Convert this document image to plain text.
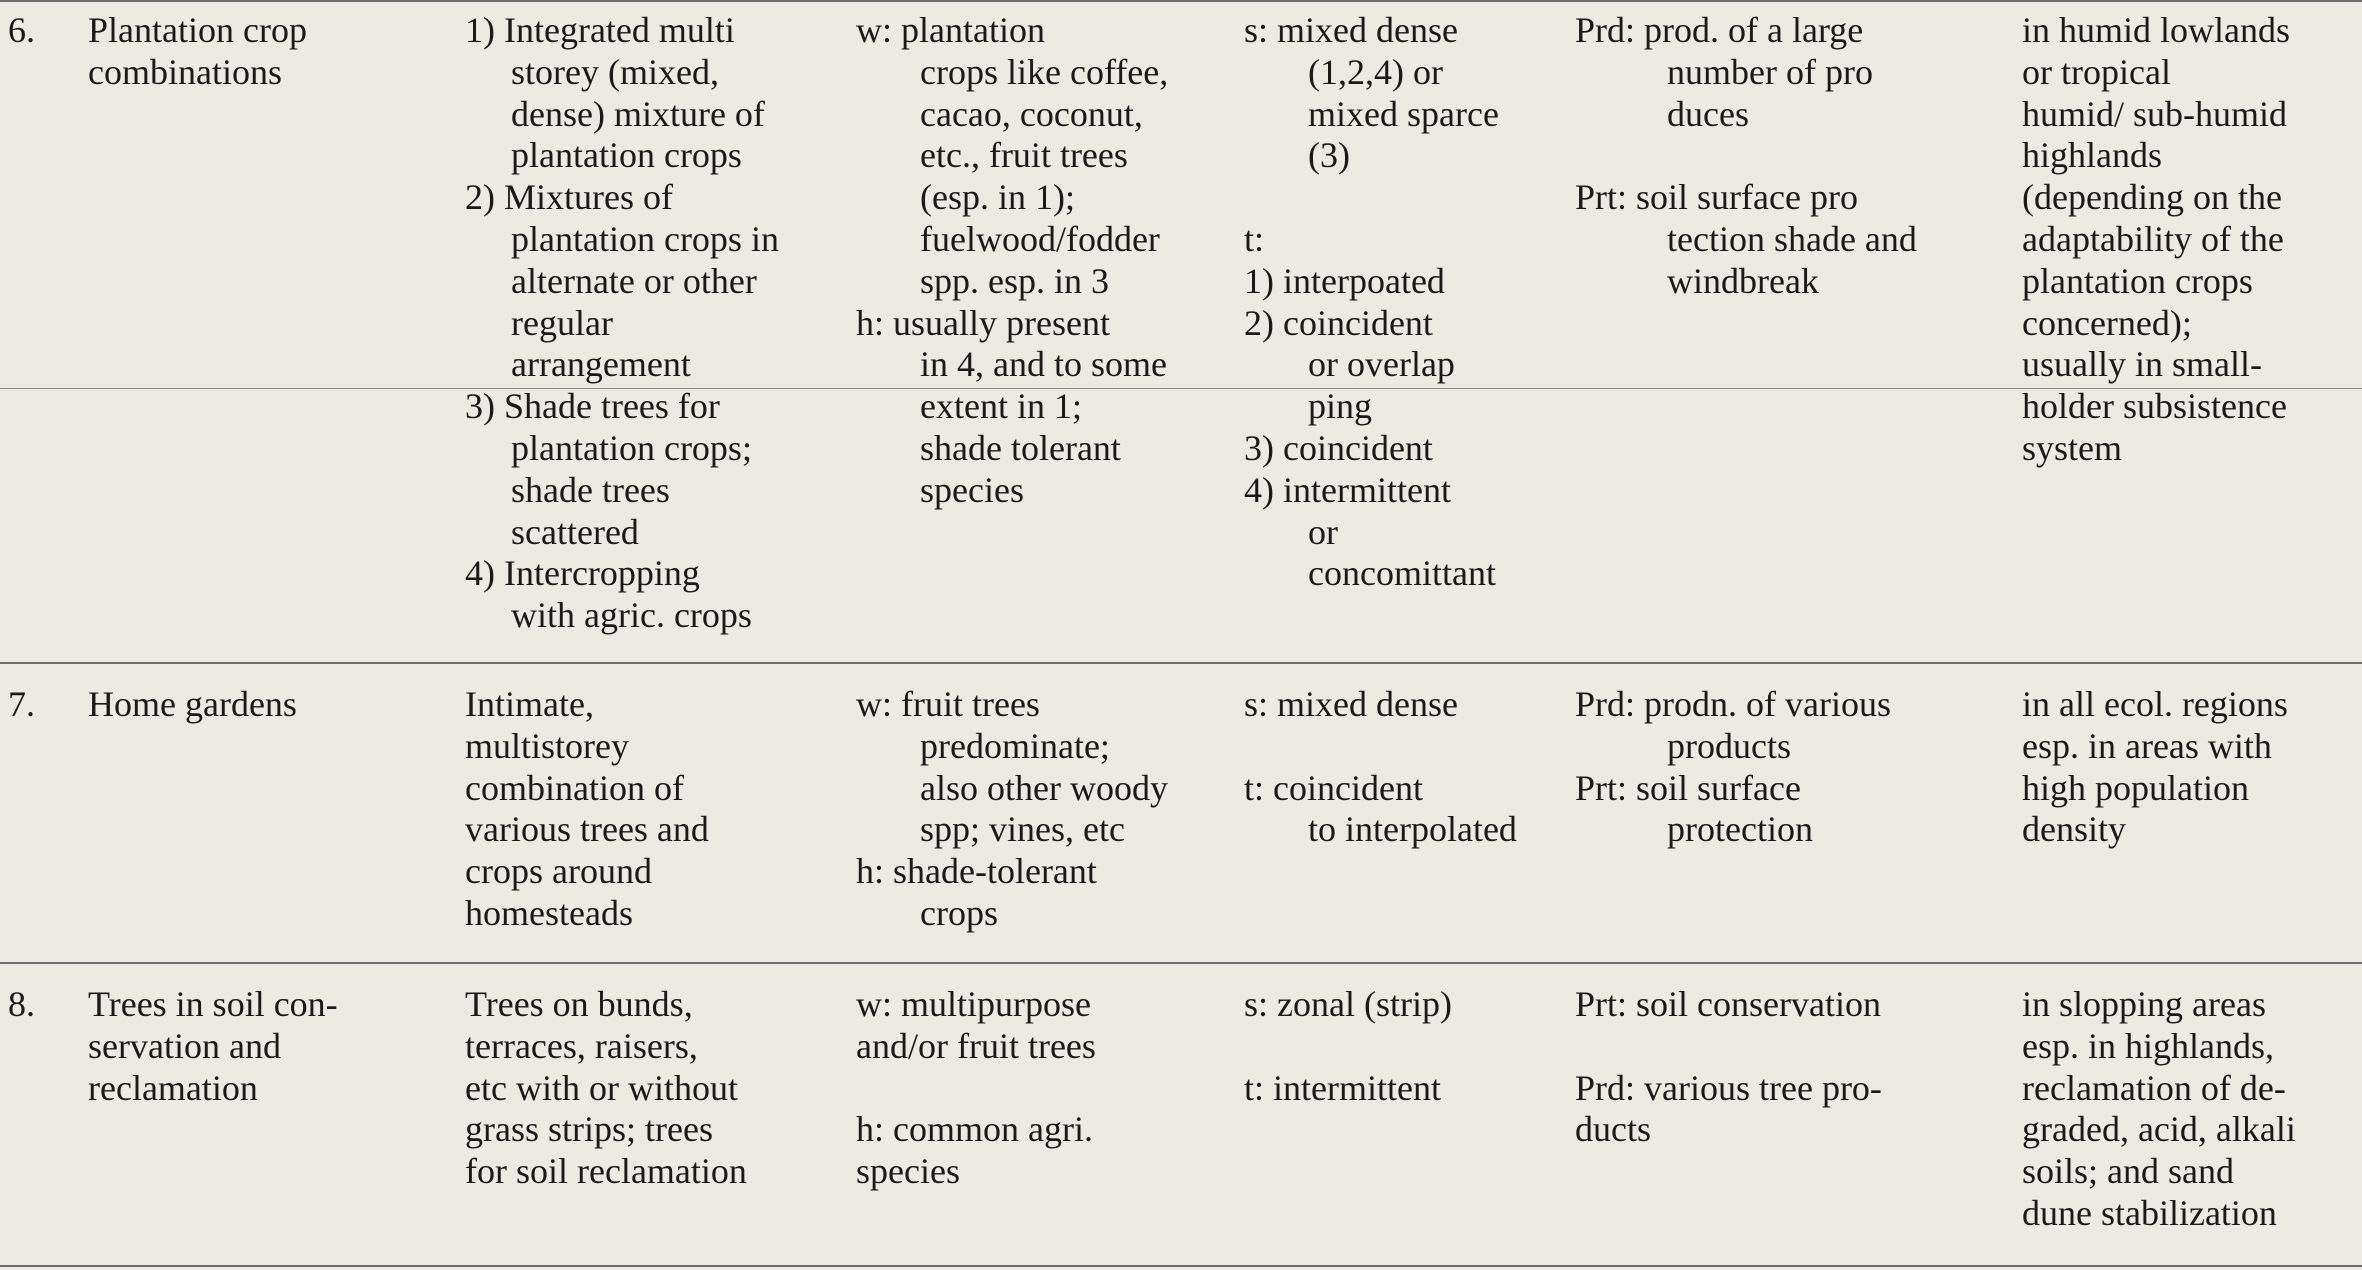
6. Plantation crop
combinations
1) Integrated multi
storey (mixed,
dense) mixture of
plantation crops
2) Mixtures of
plantation crops in
alternate or other
regular
arrangement
3) Shade trees for
plantation crops;
shade trees
scattered
4) Intercropping
with agric. crops
w: plantation
crops like coffee,
cacao, coconut,
etc., fruit trees
(esp. in 1);
fuelwood/fodder
spp. esp. in 3
h: usually present
in 4, and to some
extent in 1;
shade tolerant
species
s: mixed dense
(1,2,4) or
mixed sparce
(3)
t:
1) interpoated
2) coincident
or overlap
ping
3) coincident
4) intermittent
or
concomittant
Prd: prod. of a large
number of pro
duces
Prt: soil surface pro
tection shade and
windbreak
in humid lowlands
or tropical
humid/ sub-humid
highlands
(depending on the
adaptability of the
plantation crops
concerned);
usually in small-
holder subsistence
system
7. Home gardens	Intimate,
multistorey
combination of
various trees and
crops around
homesteads
w: fruit trees
predominate;
also other woody
spp; vines, etc
h: shade-tolerant
crops
s: mixed dense
t: coincident
to interpolated
Prd: prodn. of various
products
Prt: soil surface
protection
in all ecol. regions
esp. in areas with
high population
density
8. Trees in soil con-
servation and
reclamation
Trees on bunds,
terraces, raisers,
etc with or without
grass strips; trees
for soil reclamation
w: multipurpose
and/or fruit trees
h: common agri.
species
s: zonal (strip)
t: intermittent
Prt: soil conservation
Prd: various tree pro-
ducts
in slopping areas
esp. in highlands,
reclamation of de-
graded, acid, alkali
soils; and sand
dune stabilization
